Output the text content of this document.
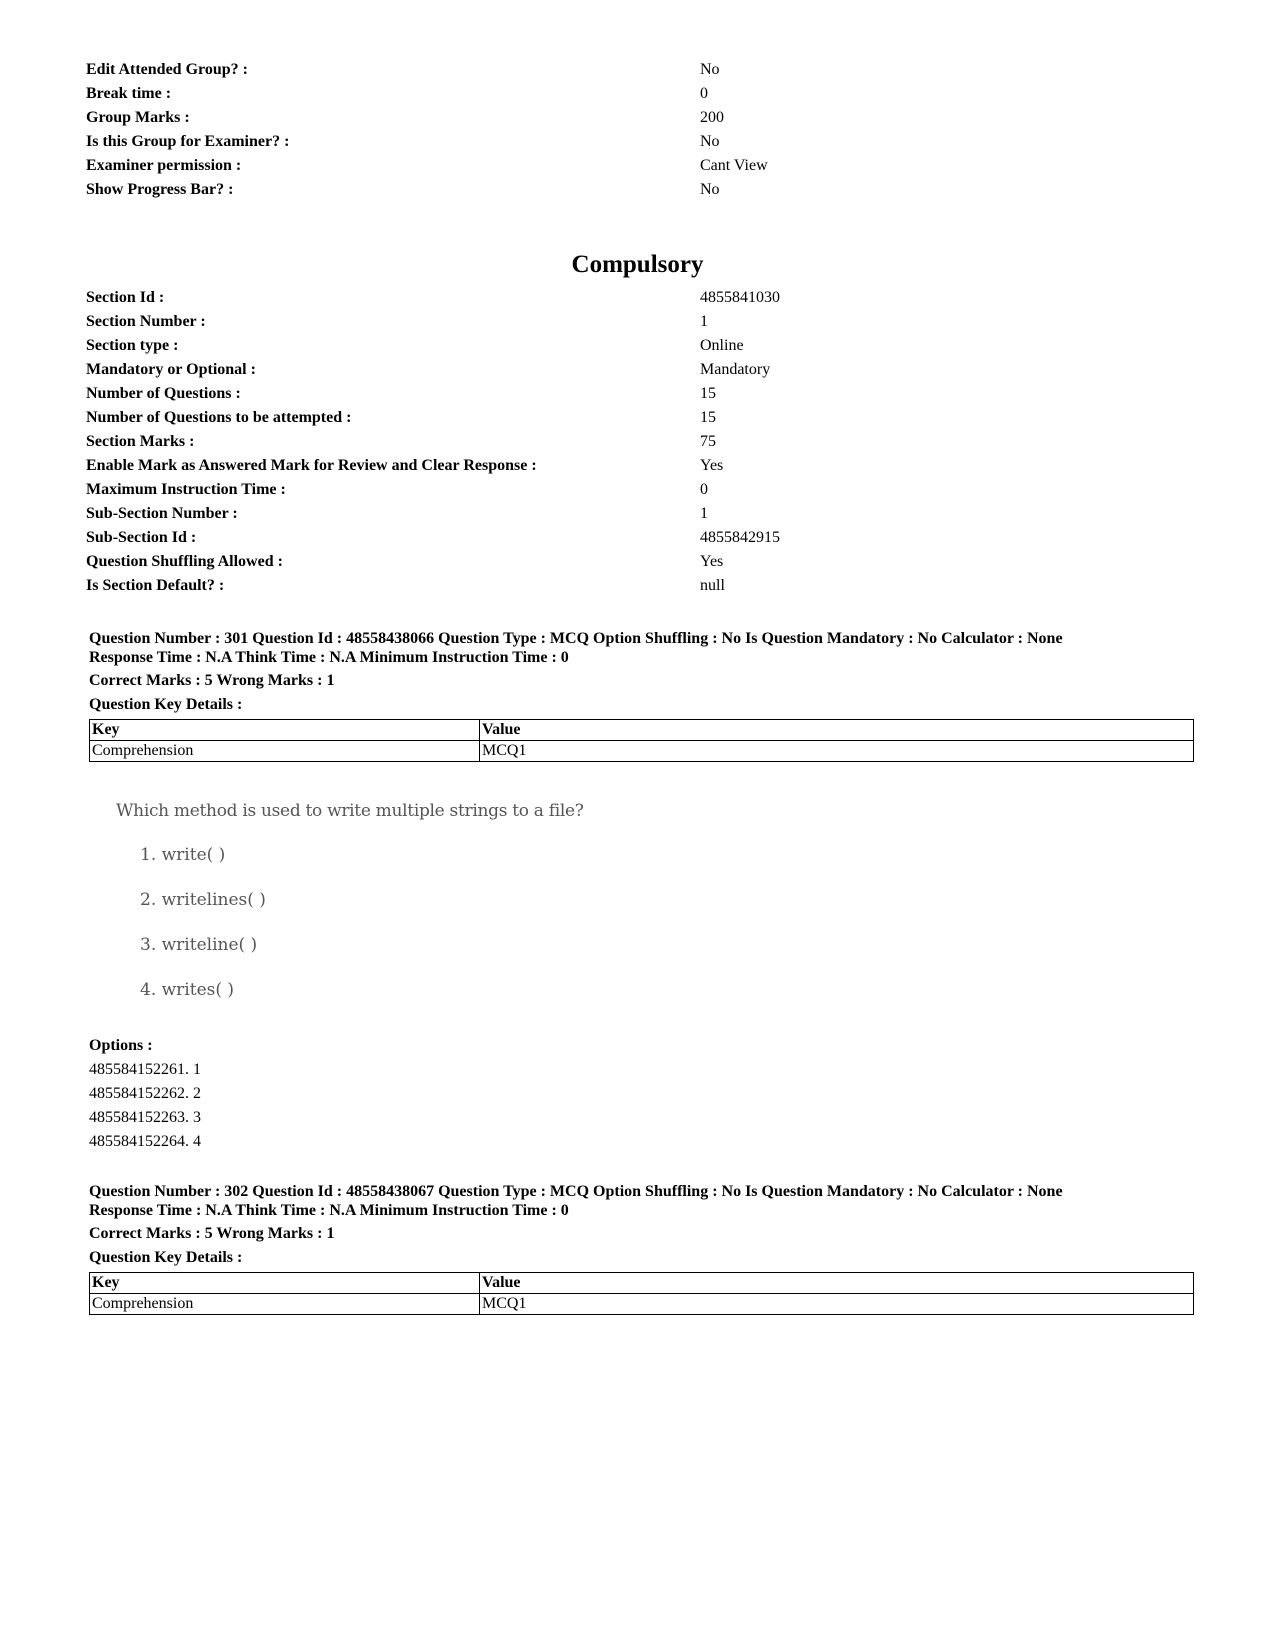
Edit Attended Group? :	No
Break time :	0
Group Marks :	200
Is this Group for Examiner? :	No
Examiner permission :	Cant View
Show Progress Bar? :	No
Compulsory
Section Id :	4855841030
Section Number :	1
Section type :	Online
Mandatory or Optional :	Mandatory
Number of Questions :	15
Number of Questions to be attempted :	15
Section Marks :	75
Enable Mark as Answered Mark for Review and Clear Response :	Yes
Maximum Instruction Time :	0
Sub-Section Number :	1
Sub-Section Id :	4855842915
Question Shuffling Allowed :	Yes
Is Section Default? :	null
Question Number : 301 Question Id : 48558438066 Question Type : MCQ Option Shuffling : No Is Question Mandatory : No Calculator : None
Response Time : N.A Think Time : N.A Minimum Instruction Time : 0
Correct Marks : 5 Wrong Marks : 1
Question Key Details :
Key	Value
Comprehension	MCQ1
Which method is used to write multiple strings to a file?
1. write( )
2. writelines( )
3. writeline( )
4. writes( )
Options :
485584152261. 1
485584152262. 2
485584152263. 3
485584152264. 4
Question Number : 302 Question Id : 48558438067 Question Type : MCQ Option Shuffling : No Is Question Mandatory : No Calculator : None
Response Time : N.A Think Time : N.A Minimum Instruction Time : 0
Correct Marks : 5 Wrong Marks : 1
Question Key Details :
Key	Value
Comprehension	MCQ1
